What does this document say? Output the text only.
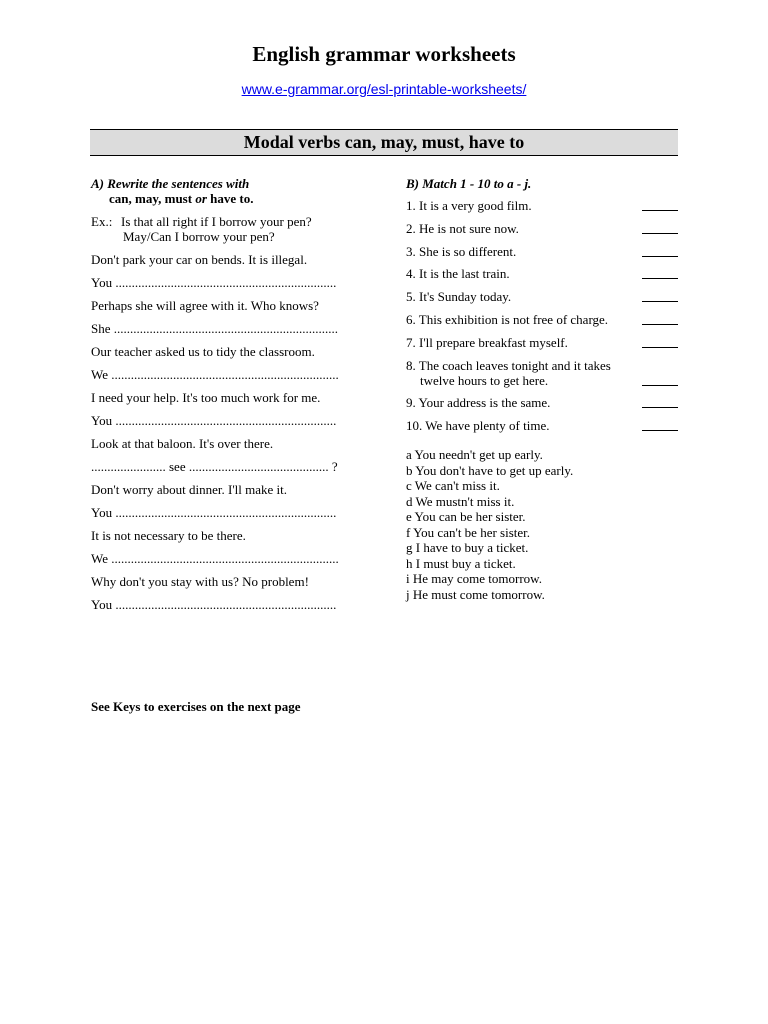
English grammar worksheets
www.e-grammar.org/esl-printable-worksheets/
Modal verbs can, may, must, have to
A) Rewrite the sentences with
can, may, must or have to.
Ex.: Is that all right if I borrow your pen?
May/Can I borrow your pen?
Don't park your car on bends. It is illegal.
You ....................................................................
Perhaps she will agree with it. Who knows?
She .....................................................................
Our teacher asked us to tidy the classroom.
We ......................................................................
I need your help. It's too much work for me.
You ....................................................................
Look at that baloon. It's over there.
....................... see ........................................... ?
Don't worry about dinner. I'll make it.
You ....................................................................
It is not necessary to be there.
We ......................................................................
Why don't you stay with us? No problem!
You ....................................................................
B) Match 1 - 10 to a - j.
1. It is a very good film.
2. He is not sure now.
3. She is so different.
4. It is the last train.
5. It's Sunday today.
6. This exhibition is not free of charge.
7. I'll prepare breakfast myself.
8. The coach leaves tonight and it takes
twelve hours to get here.
9. Your address is the same.
10. We have plenty of time.
a You needn't get up early.
b You don't have to get up early.
c We can't miss it.
d We mustn't miss it.
e You can be her sister.
f You can't be her sister.
g I have to buy a ticket.
h I must buy a ticket.
i He may come tomorrow.
j He must come tomorrow.
See Keys to exercises on the next page
